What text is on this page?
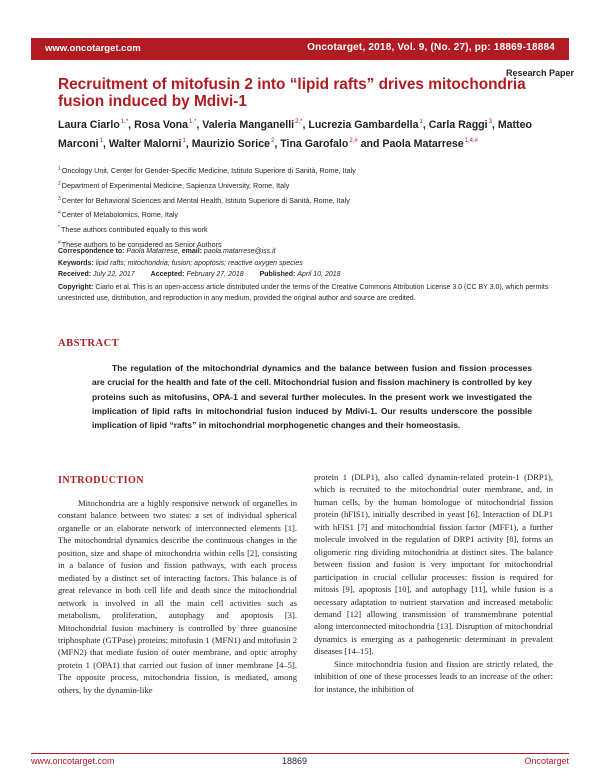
www.oncotarget.com	Oncotarget, 2018, Vol. 9, (No. 27), pp: 18869-18884
Research Paper
Recruitment of mitofusin 2 into “lipid rafts” drives mitochondria fusion induced by Mdivi-1
Laura Ciarlo$^{1,*}$, Rosa Vona$^{1,*}$, Valeria Manganelli$^{2,*}$, Lucrezia Gambardella$^1$, Carla Raggi$^3$, Matteo Marconi$^1$, Walter Malorni$^1$, Maurizio Sorice$^2$, Tina Garofalo$^{2,\#}$ and Paola Matarrese$^{1,4,\#}$
$^1$Oncology Unit, Center for Gender-Specific Medicine, Istituto Superiore di Sanità, Rome, Italy
$^2$Department of Experimental Medicine, Sapienza University, Rome, Italy
$^3$Center for Behavioral Sciences and Mental Health, Istituto Superiore di Sanità, Rome, Italy
$^4$Center of Metabolomics, Rome, Italy
*These authors contributed equally to this work
#These authors to be considered as Senior Authors
Correspondence to: Paola Matarrese, email: paola.matarrese@iss.it
Keywords: lipid rafts; mitochondria; fusion; apoptosis; reactive oxygen species
Received: July 22, 2017 Accepted: February 27, 2018 Published: April 10, 2018
Copyright: Ciarlo et al. This is an open-access article distributed under the terms of the Creative Commons Attribution License 3.0 (CC BY 3.0), which permits unrestricted use, distribution, and reproduction in any medium, provided the original author and source are credited.
ABSTRACT

The regulation of the mitochondrial dynamics and the balance between fusion and fission processes are crucial for the health and fate of the cell. Mitochondrial fusion and fission machinery is controlled by key proteins such as mitofusins, OPA-1 and several further molecules. In the present work we investigated the implication of lipid rafts in mitochondrial fusion induced by Mdivi-1. Our results underscore the possible implication of lipid “rafts” in mitochondrial morphogenetic changes and their homeostasis.

INTRODUCTION

Mitochondria are a highly responsive network of organelles in constant balance between two states: a set of individual spherical organelle or an elaborate network of interconnected elements [1]. The mitochondrial dynamics describe the continuous changes in the position, size and shape of mitochondria within cells [2], consisting in a balance of fusion and fission pathways, with each process mediated by a distinct set of interacting factors. This balance is of great relevance in both cell life and death since the mitochondrial network is involved in all the main cell activities such as metabolism, proliferation, autophagy and apoptosis [3]. Mitochondrial fusion machinery is controlled by three guanosine triphosphate (GTPase) proteins: mitofusin 1 (MFN1) and mitofusin 2 (MFN2) that mediate fusion of outer membrane, and optic atrophy protein 1 (OPA1) that carried out fusion of inner membrane [4–5]. The opposite process, mitochondria fission, is mediated, among others, by the dynamin-like

protein 1 (DLP1), also called dynamin-related protein-1 (DRP1), which is recruited to the mitochondrial outer membrane, and, in human cells, by the human homologue of mitochondrial fission protein (hFIS1), initially described in yeast [6]. Interaction of DLP1 with hFIS1 [7] and mitochondrial fission factor (MFF1), a further molecule involved in the regulation of DRP1 activity [8], forms an oligomeric ring dividing mitochondria at distinct sites. The balance between fission and fusion is very important for mitochondrial participation in crucial cellular processes: fission is required for mitosis [9], apoptosis [10], and autophagy [11], while fusion is a necessary adaptation to nutrient starvation and increased metabolic demand [12] allowing transmission of transmembrane potential along interconnected mitochondria [13]. Disruption of mitochondrial dynamics is emerging as a pathogenetic determinant in prevalent diseases [14–15].

Since mitochondria fusion and fission are strictly related, the inhibition of one of these processes leads to an increase of the other: for instance, the inhibition of

www.oncotarget.com	18869	Oncotarget
